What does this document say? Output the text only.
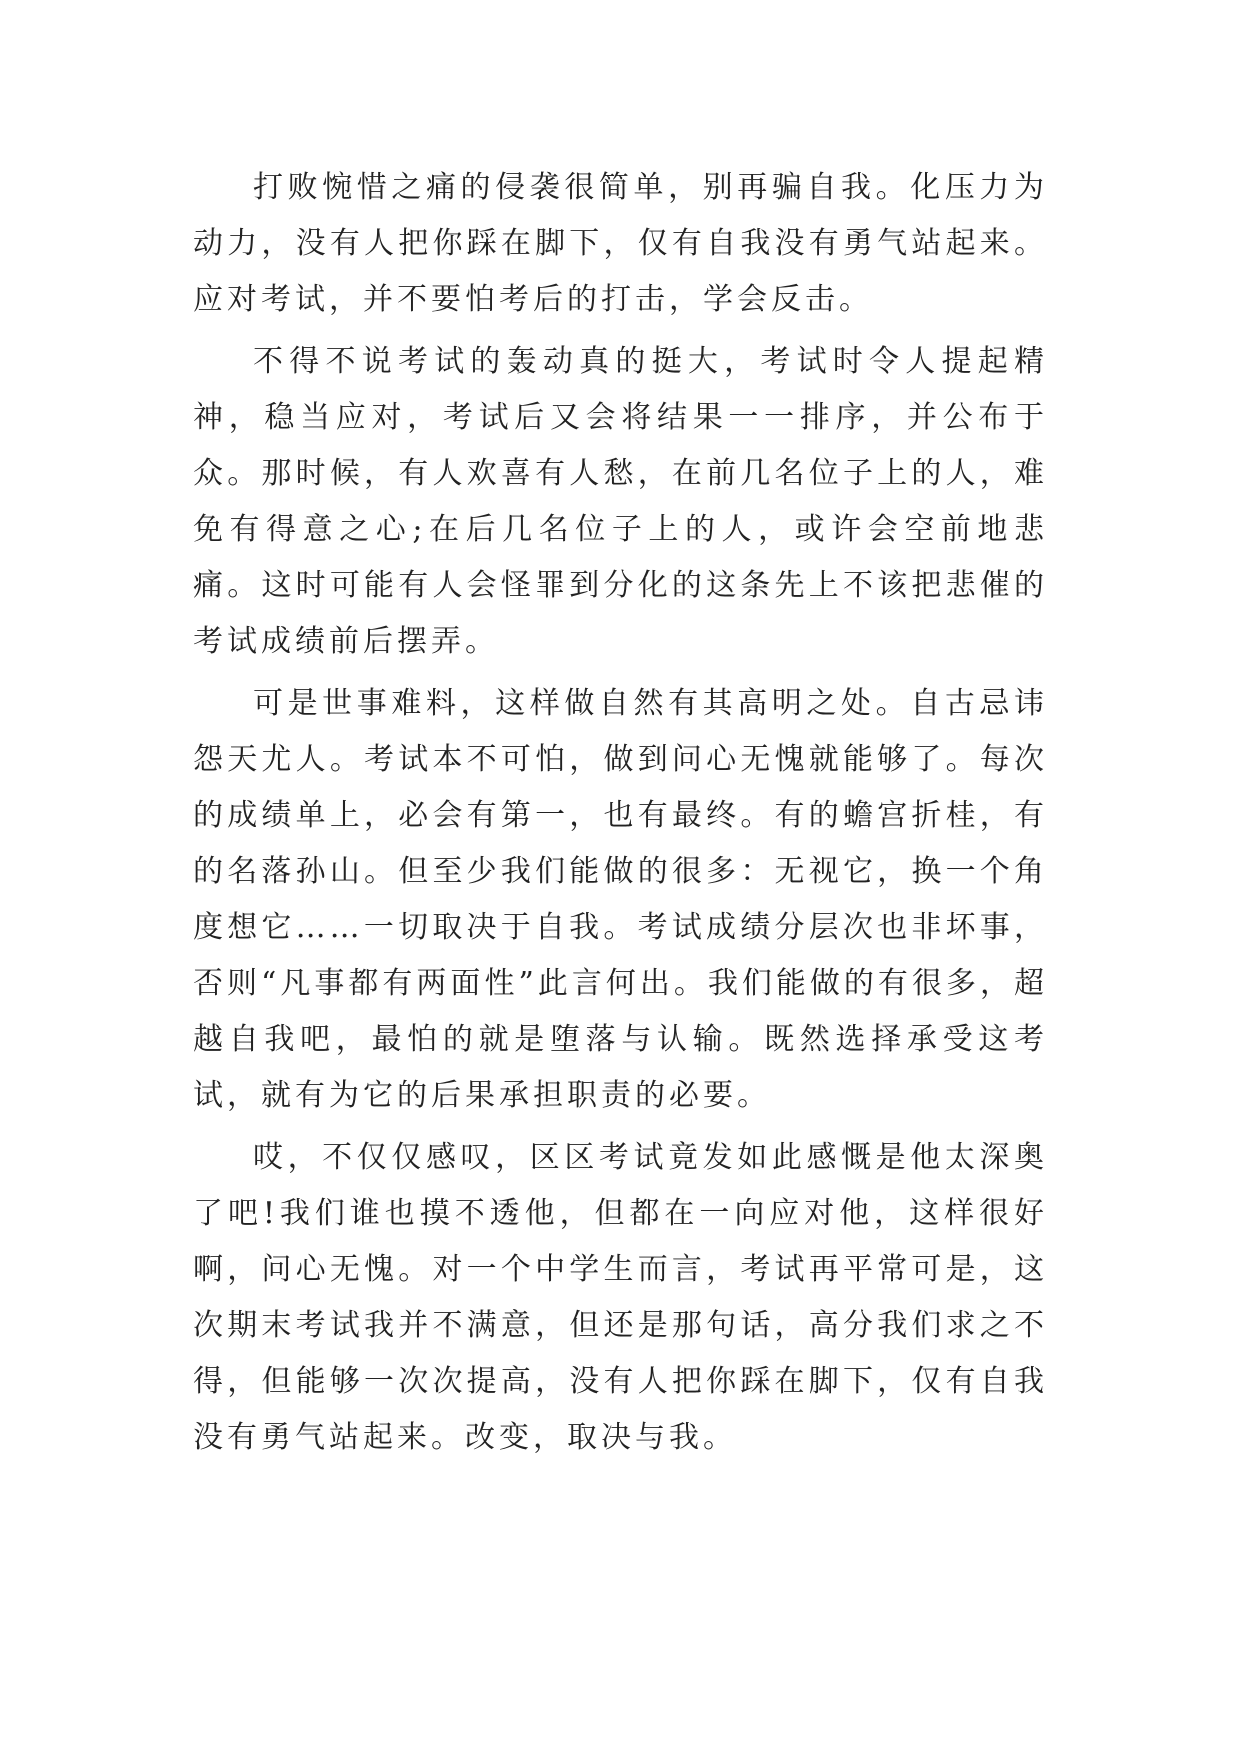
打败惋惜之痛的侵袭很简单，别再骗自我。化压力为动力，没有人把你踩在脚下，仅有自我没有勇气站起来。应对考试，并不要怕考后的打击，学会反击。

不得不说考试的轰动真的挺大，考试时令人提起精神，稳当应对，考试后又会将结果一一排序，并公布于众。那时候，有人欢喜有人愁，在前几名位子上的人，难免有得意之心;在后几名位子上的人，或许会空前地悲痛。这时可能有人会怪罪到分化的这条先上不该把悲催的考试成绩前后摆弄。

可是世事难料，这样做自然有其高明之处。自古忌讳怨天尤人。考试本不可怕，做到问心无愧就能够了。每次的成绩单上，必会有第一，也有最终。有的蟾宫折桂，有的名落孙山。但至少我们能做的很多：无视它，换一个角度想它……一切取决于自我。考试成绩分层次也非坏事，否则“凡事都有两面性”此言何出。我们能做的有很多，超越自我吧，最怕的就是堕落与认输。既然选择承受这考试，就有为它的后果承担职责的必要。

哎，不仅仅感叹，区区考试竟发如此感慨是他太深奥了吧!我们谁也摸不透他，但都在一向应对他，这样很好啊，问心无愧。对一个中学生而言，考试再平常可是，这次期末考试我并不满意，但还是那句话，高分我们求之不得，但能够一次次提高，没有人把你踩在脚下，仅有自我没有勇气站起来。改变，取决与我。
